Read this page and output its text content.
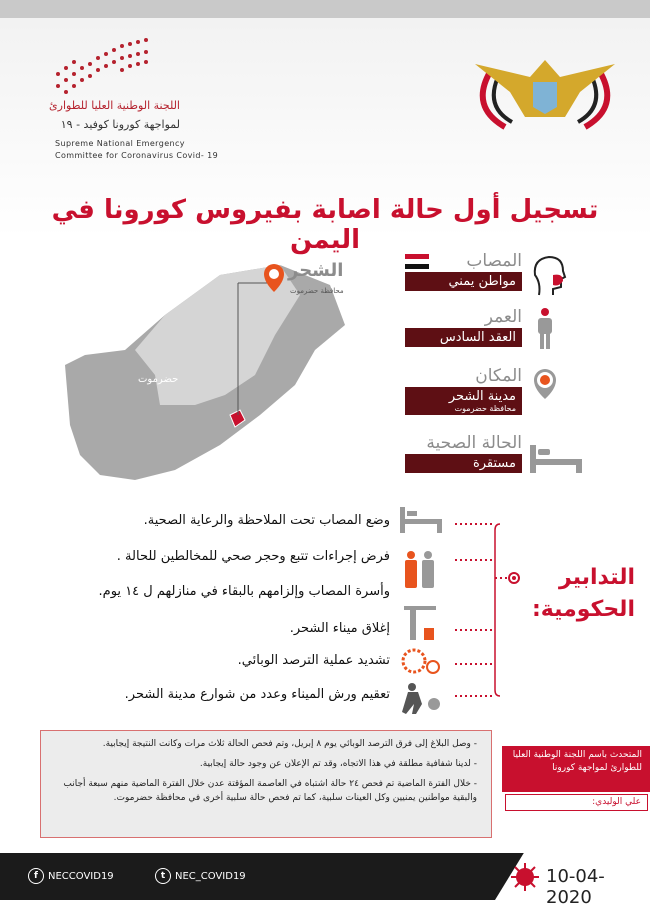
اللجنة الوطنية العليا للطوارئ
لمواجهة كورونا كوفيد - ١٩
Supreme National Emergency
Committee for Coronavirus Covid- 19
تسجيل أول حالة اصابة بفيروس كورونا في اليمن
حضرموت
الشحر
محافظة حضرموت
المصاب
مواطن يمني
العمر
العقد السادس
المكان
مدينة الشحر
محافظة حضرموت
الحالة الصحية
مستقرة
وضع المصاب تحت الملاحظة والرعاية الصحية.
فرض إجراءات تتبع وحجر صحي للمخالطين للحالة .
وأسرة المصاب وإلزامهم بالبقاء في منازلهم ل ١٤ يوم.
إغلاق ميناء الشحر.
تشديد عملية الترصد الوبائي.
تعقيم ورش الميناء وعدد من شوارع مدينة الشحر.
التدابير الحكومية:

- وصل البلاغ إلى فرق الترصد الوبائي يوم ٨ إبريل، وتم فحص الحالة ثلاث مرات وكانت النتيجة إيجابية.

- لدينا شفافية مطلقة في هذا الاتجاه، وقد تم الإعلان عن وجود حالة إيجابية.

- خلال الفترة الماضية تم فحص ٢٤ حالة اشتباه في العاصمة المؤقتة عدن خلال الفترة الماضية منهم سبعة أجانب والبقية مواطنين يمنيين وكل العينات سلبية، كما تم فحص حالة سلبية أخرى في محافظة حضرموت.

المتحدث باسم اللجنة الوطنية العليا للطوارئ لمواجهة كورونا
علي الوليدي:
f	NECCOVID19	t NEC_COVID19	10-04-2020
